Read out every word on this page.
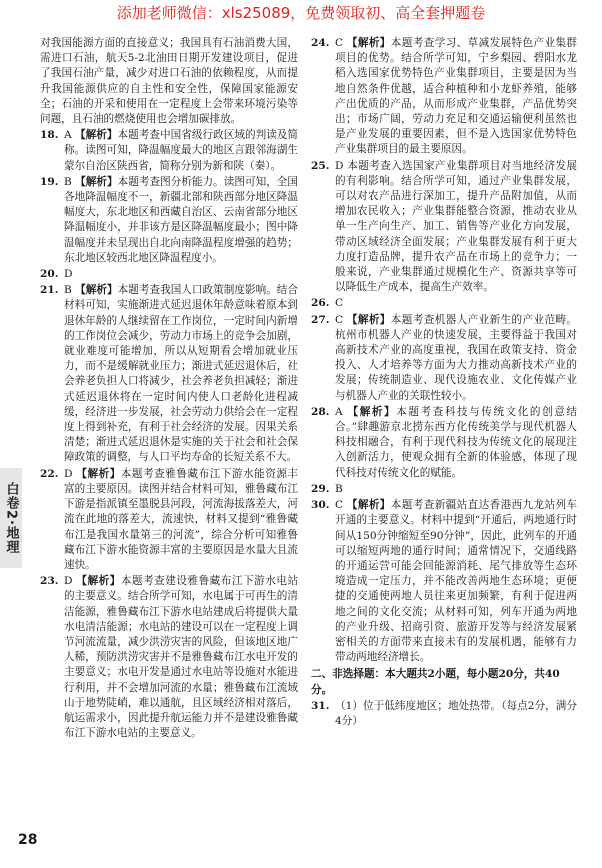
添加老师微信：xls25089，免费领取初、高全套押题卷
对我国能源方面的直接意义；我国具有石油消费大国，需进口石油，航天5-2北油田日期开发建设项目，促进了我国石油产量，减少对进口石油的依赖程度，从而提升我国能源供应的自主性和安全性，保障国家能源安全；石油的开采和使用在一定程度上会带来环境污染等问题，且石油的燃烧使用也会增加碳排放。
18. A 【解析】本题考查中国省级行政区域的判读及简称。读图可知，降温幅度最大的地区言跟邻海湖生蒙尔自治区陕西省，简称分别为新和陕（秦）。
19. B 【解析】本题考查图分析能力。读图可知，全国各地降温幅度不一，新疆北部和陕西部分地区降温幅度大，东北地区和西藏自治区、云南省部分地区降温幅度小，并非该方是区降温幅度最小；图中降温幅度并未呈现出自北向南降温程度增强的趋势；东北地区较西北地区降温程度小。
20. D
21. B 【解析】本题考查我国人口政策制度影响。结合材料可知，实施渐进式延迟退休年龄意味着原本到退休年龄的人继续留在工作岗位，一定时间内新增的工作岗位会减少，劳动力市场上的竞争会加剧，就业难度可能增加，所以从短期看会增加就业压力，而不是缓解就业压力；渐进式延迟退休后，社会养老负担人口将减少，社会养老负担减轻；渐进式延迟退休将在一定时间内使人口老龄化进程减缓，经济进一步发展，社会劳动力供给会在一定程度上得到补充，有利于社会经济的发展。因果关系清楚；渐进式延迟退休是实施的关于社会和社会保障政策的调整，与人口平均寿命的长短关系不大。
22. D 【解析】本题考查雅鲁藏布江下游水能资源丰富的主要原因。读图并结合材料可知，雅鲁藏布江下游是指派镇至墨脱县河段，河流海拔落差大，河流在此地的落差大，流速快，材料又提到“雅鲁藏布江是我国水量第三的河流”，综合分析可知雅鲁藏布江下游水能资源丰富的主要原因是水量大且流速快。
23. D 【解析】本题考查建设雅鲁藏布江下游水电站的主要意义。结合所学可知，水电属于可再生的清洁能源，雅鲁藏布江下游水电站建成后将提供大量水电清洁能源；水电站的建设可以在一定程度上调节河流流量，减少洪涝灾害的风险，但该地区地广人稀，预防洪涝灾害并不是雅鲁藏布江水电开发的主要意义；水电开发是通过水电站等设施对水能进行利用，并不会增加河流的水量；雅鲁藏布江流域山于地势陡峭，难以通航，且区域经济相对落后，航运需求小，因此提升航运能力并不是建设雅鲁藏布江下游水电站的主要意义。
24. C 【解析】本题考查学习、草减发展特色产业集群项目的优势。结合所学可知，宁乡梨园、碧阳水龙稻入选国家优势特色产业集群项目，主要是因为当地自然条件优越，适合种植种和小龙虾养殖，能够产出优质的产品，从而形成产业集群，产品优势突出；市场广阔，劳动力充足和交通运输便利虽然也是产业发展的重要因素，但不是入选国家优势特色产业集群项目的最主要原因。
25. D 本题考查入选国家产业集群项目对当地经济发展的有利影响。结合所学可知，通过产业集群发展，可以对农产品进行深加工，提升产品附加值，从而增加农民收入；产业集群能整合资源，推动农业从单一生产向生产、加工、销售等产业化方向发展，带动区域经济全面发展；产业集群发展有利于更大力度打造品牌，提升农产品在市场上的竞争力；一般来说，产业集群通过规模化生产、资源共享等可以降低生产成本，提高生产效率。
26. C
27. C 【解析】本题考查机器人产业新生的产业范畴。杭州市机器人产业的快速发展，主要得益于我国对高新技术产业的高度重视，我国在政策支持、资金投入、人才培养等方面为大力推动高新技术产业的发展；传统制造业、现代设施农业、文化传媒产业与机器人产业的关联性较小。
28. A 【解析】本题考查科技与传统文化的创意结合。”肆趣游京北捞东西方化传统美学与现代机器人科技相融合，有利于现代科技为传统文化的展现注入创新活力，使观众拥有全新的体验感，体现了现代科技对传统文化的赋能。
29. B
30. C 【解析】本题考查新疆站直达香港西九龙站列车开通的主要意义。材料中提到“开通后，两地通行时间从150分钟缩短至90分钟”，因此，此列车的开通可以缩短两地的通行时间；通常情况下，交通线路的开通运营可能会回能源消耗、尾气排放等生态环境造成一定压力，并不能改善两地生态环境；更便捷的交通使两地人员往来更加频繁，有利于促进两地之间的文化交流；从材料可知，列车开通为两地的产业升级、招商引资、旅游开发等与经济发展紧密相关的方面带来直接未有的发展机遇，能够有力带动两地经济增长。
二、非选择题：本大题共2小题，每小题20分，共40分。
31. （1）位于低纬度地区；地处热带。（每点2分，满分4分）
白卷2·地理
28
